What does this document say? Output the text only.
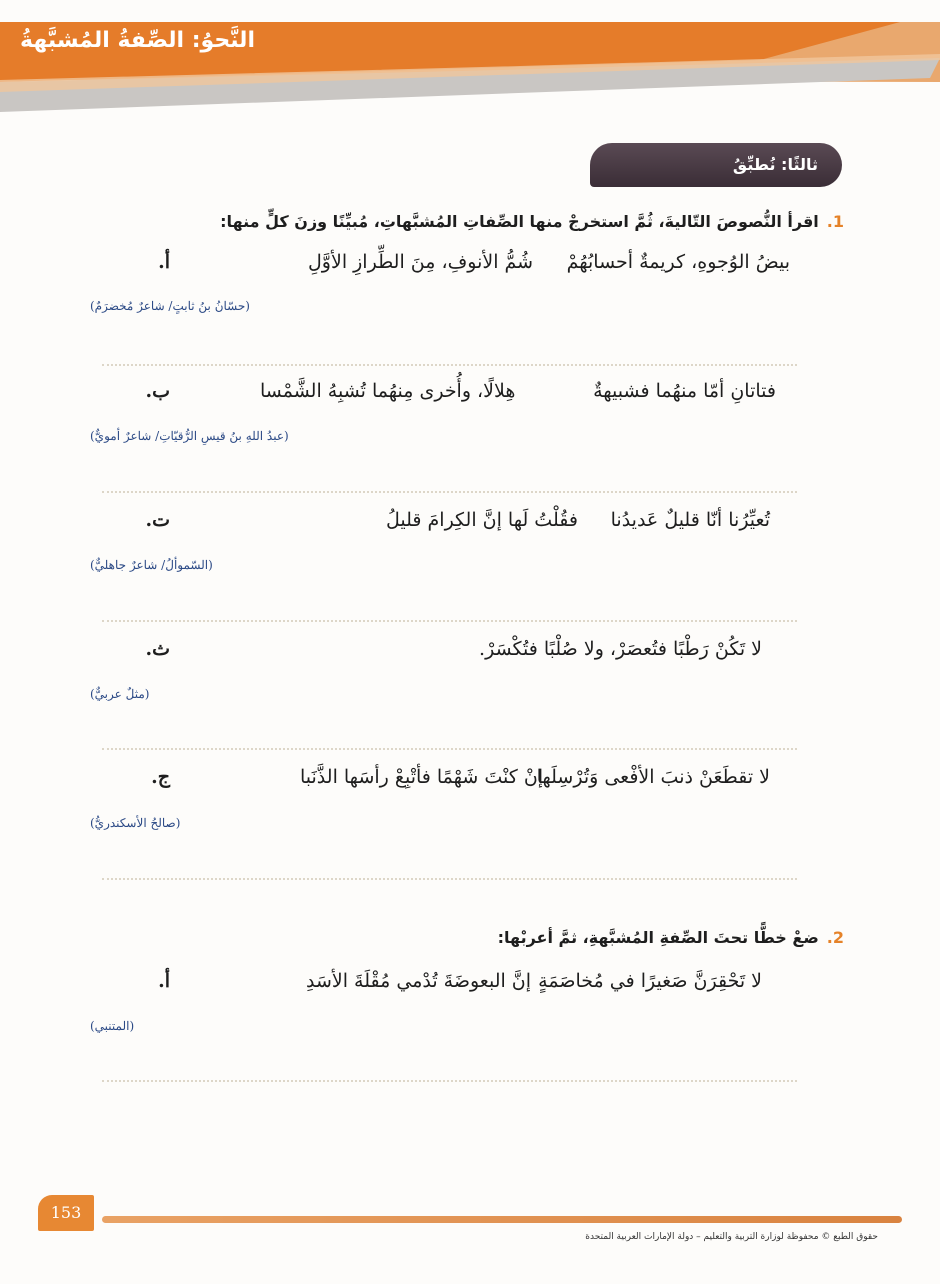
النَّحوُ: الصِّفةُ المُشبَّهةُ
ثالثًا: نُطبِّقُ
1.اقرأ النُّصوصَ التّاليةَ، ثُمَّ استخرجْ منها الصِّفاتِ المُشبَّهاتِ، مُبيِّنًا وزنَ كلٍّ منها:
بيضُ الوُجوهِ، كريمةٌ أحسابُهُمْ
أ.	شُمُّ الأنوفِ، مِنَ الطِّرازِ الأوَّلِ
(حسّانُ بنُ ثابتٍ/ شاعرٌ مُخضرَمٌ)
ب.	فتاتانِ أمّا منهُما فشبيهةٌ
هِلالًا، وأُخرى مِنهُما تُشبِهُ الشَّمْسا
(عبدُ اللهِ بنُ قيسِ الرُّقيّاتِ/ شاعرٌ أمويٌّ)
ت.	تُعيِّرُنا أنّا قليلٌ عَديدُنا
فقُلْتُ لَها إنَّ الكِرامَ قليلُ
(السّموألُ/ شاعرٌ جاهليٌّ)
ث.	لا تَكُنْ رَطْبًا فتُعصَرْ، ولا صُلْبًا فتُكْسَرْ.
(مثلٌ عربيٌّ)
ج.	لا تقطَعَنْ ذنبَ الأفْعى وَتُرْسِلَها
إنْ كنْتَ شَهْمًا فأتْبِعْ رأسَها الذَّنَبا
(صالحُ الأسكندريُّ)
2.ضعْ خطًّا تحتَ الصِّفةِ المُشبَّهةِ، ثمَّ أعربْها:
أ.	لا تَحْقِرَنَّ صَغيرًا في مُخاصَمَةٍ
إنَّ البعوضَةَ تُدْمي مُقْلَةَ الأسَدِ
(المتنبي)
153
حقوق الطبع © محفوظة لوزارة التربية والتعليم – دولة الإمارات العربية المتحدة
